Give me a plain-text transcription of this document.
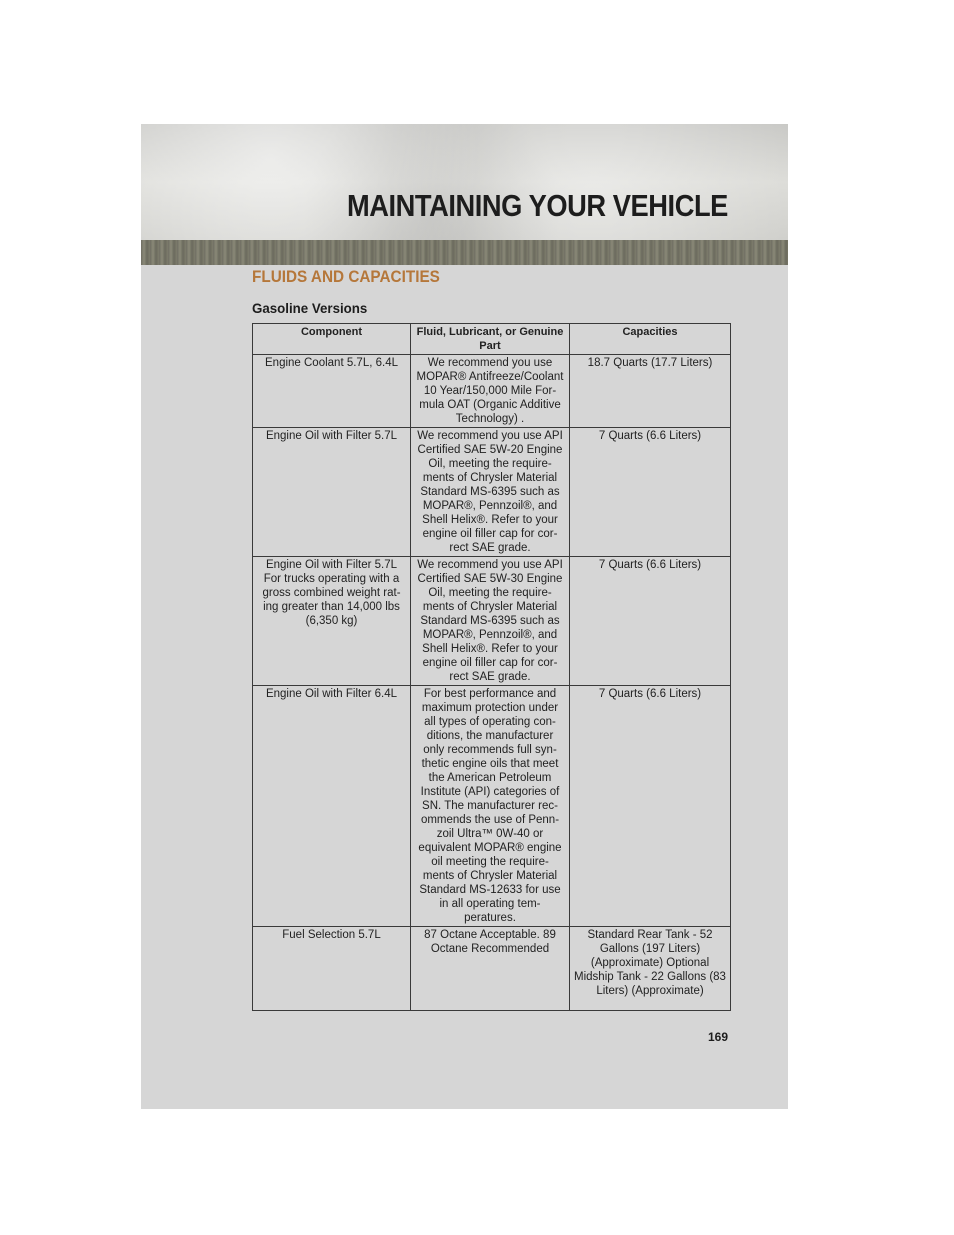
MAINTAINING YOUR VEHICLE
FLUIDS AND CAPACITIES
Gasoline Versions
Component	Fluid, Lubricant, or Genuine Part	Capacities
Engine Coolant 5.7L, 6.4L	We recommend you use MOPAR® Antifreeze/Coolant 10 Year/150,000 Mile For- mula OAT (Organic Additive Technology) .	18.7 Quarts (17.7 Liters)
Engine Oil with Filter 5.7L	We recommend you use API Certified SAE 5W-20 Engine Oil, meeting the require- ments of Chrysler Material Standard MS-6395 such as MOPAR®, Pennzoil®, and Shell Helix®. Refer to your engine oil filler cap for cor- rect SAE grade.	7 Quarts (6.6 Liters)
Engine Oil with Filter 5.7L For trucks operating with a gross combined weight rat- ing greater than 14,000 lbs (6,350 kg)	We recommend you use API Certified SAE 5W-30 Engine Oil, meeting the require- ments of Chrysler Material Standard MS-6395 such as MOPAR®, Pennzoil®, and Shell Helix®. Refer to your engine oil filler cap for cor- rect SAE grade.	7 Quarts (6.6 Liters)
Engine Oil with Filter 6.4L	For best performance and maximum protection under all types of operating con- ditions, the manufacturer only recommends full syn- thetic engine oils that meet the American Petroleum Institute (API) categories of SN. The manufacturer rec- ommends the use of Penn- zoil Ultra™ 0W-40 or equivalent MOPAR® engine oil meeting the require- ments of Chrysler Material Standard MS-12633 for use in all operating tem- peratures.	7 Quarts (6.6 Liters)
Fuel Selection 5.7L	87 Octane Acceptable. 89 Octane Recommended	Standard Rear Tank - 52 Gallons (197 Liters) (Approximate) Optional Midship Tank - 22 Gallons (83 Liters) (Approximate)
169
